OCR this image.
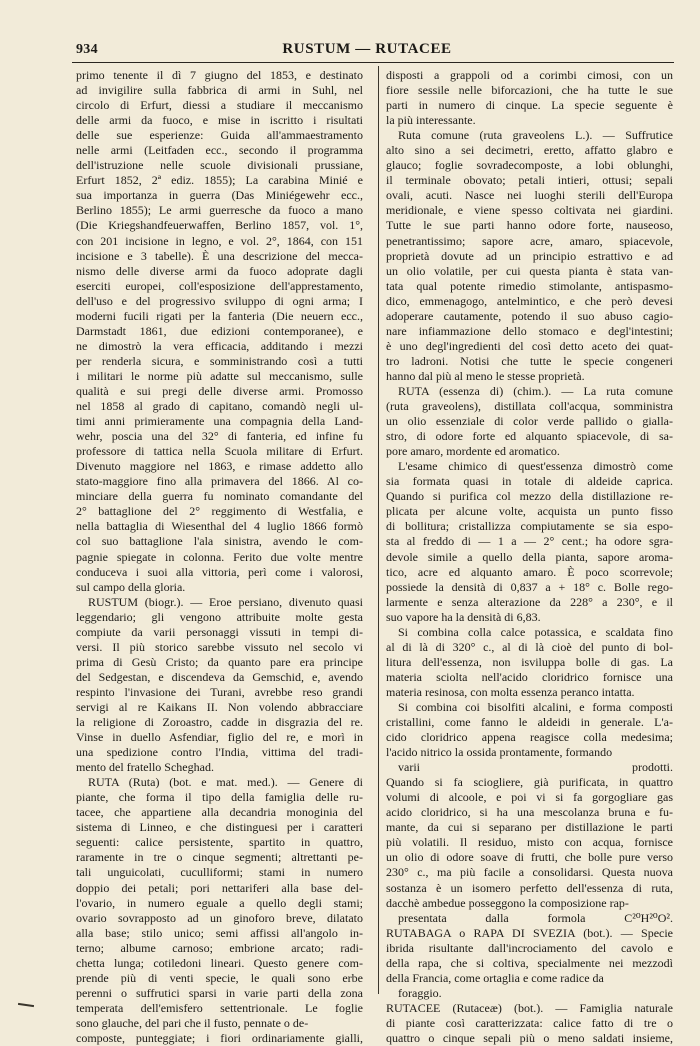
934	RUSTUM — RUTACEE
primo tenente il dì 7 giugno del 1853, e destinato
ad invigilire sulla fabbrica di armi in Suhl, nel
circolo di Erfurt, diessi a studiare il meccanismo
delle armi da fuoco, e mise in iscritto i risultati
delle sue esperienze: Guida all'ammaestramento
nelle armi (Leitfaden ecc., secondo il programma
dell'istruzione nelle scuole divisionali prussiane,
Erfurt 1852, 2ª ediz. 1855); La carabina Minié e
sua importanza in guerra (Das Miniégewehr ecc.,
Berlino 1855); Le armi guerresche da fuoco a mano
(Die Kriegshandfeuerwaffen, Berlino 1857, vol. 1°,
con 201 incisione in legno, e vol. 2°, 1864, con 151
incisione e 3 tabelle). È una descrizione del mecca-
nismo delle diverse armi da fuoco adoprate dagli
eserciti europei, coll'esposizione dell'apprestamento,
dell'uso e del progressivo sviluppo di ogni arma; I
moderni fucili rigati per la fanteria (Die neuern ecc.,
Darmstadt 1861, due edizioni contemporanee), e
ne dimostrò la vera efficacia, additando i mezzi
per renderla sicura, e somministrando così a tutti
i militari le norme più adatte sul meccanismo, sulle
qualità e sui pregi delle diverse armi. Promosso
nel 1858 al grado di capitano, comandò negli ul-
timi anni primieramente una compagnia della Land-
wehr, poscia una del 32° di fanteria, ed infine fu
professore di tattica nella Scuola militare di Erfurt.
Divenuto maggiore nel 1863, e rimase addetto allo
stato-maggiore fino alla primavera del 1866. Al co-
minciare della guerra fu nominato comandante del
2° battaglione del 2° reggimento di Westfalia, e
nella battaglia di Wiesenthal del 4 luglio 1866 formò
col suo battaglione l'ala sinistra, avendo le com-
pagnie spiegate in colonna. Ferito due volte mentre
conduceva i suoi alla vittoria, perì come i valorosi,
sul campo della gloria.
RUSTUM (biogr.). — Eroe persiano, divenuto quasi
leggendario; gli vengono attribuite molte gesta
compiute da varii personaggi vissuti in tempi di-
versi. Il più storico sarebbe vissuto nel secolo vi
prima di Gesù Cristo; da quanto pare era principe
del Sedgestan, e discendeva da Gemschid, e, avendo
respinto l'invasione dei Turani, avrebbe reso grandi
servigi al re Kaikans II. Non volendo abbracciare
la religione di Zoroastro, cadde in disgrazia del re.
Vinse in duello Asfendiar, figlio del re, e morì in
una spedizione contro l'India, vittima del tradi-
mento del fratello Scheghad.
RUTA (Ruta) (bot. e mat. med.). — Genere di
piante, che forma il tipo della famiglia delle ru-
tacee, che appartiene alla decandria monoginia del
sistema di Linneo, e che distinguesi per i caratteri
seguenti: calice persistente, spartito in quattro,
raramente in tre o cinque segmenti; altrettanti pe-
tali unguicolati, cuculliformi; stami in numero
doppio dei petali; pori nettariferi alla base del-
l'ovario, in numero eguale a quello degli stami;
ovario sovrapposto ad un ginoforo breve, dilatato
alla base; stilo unico; semi affissi all'angolo in-
terno; albume carnoso; embrione arcato; radi-
chetta lunga; cotiledoni lineari. Questo genere com-
prende più di venti specie, le quali sono erbe
perenni o suffrutici sparsi in varie parti della zona
temperata dell'emisfero settentrionale. Le foglie
sono glauche, del pari che il fusto, pennate o de-
composte, punteggiate; i fiori ordinariamente gialli,
disposti a grappoli od a corimbi cimosi, con un
fiore sessile nelle biforcazioni, che ha tutte le sue
parti in numero di cinque. La specie seguente è
la più interessante.
Ruta comune (ruta graveolens L.). — Suffrutice
alto sino a sei decimetri, eretto, affatto glabro e
glauco; foglie sovradecomposte, a lobi oblunghi,
il terminale obovato; petali intieri, ottusi; sepali
ovali, acuti. Nasce nei luoghi sterili dell'Europa
meridionale, e viene spesso coltivata nei giardini.
Tutte le sue parti hanno odore forte, nauseoso,
penetrantissimo; sapore acre, amaro, spiacevole,
proprietà dovute ad un principio estrattivo e ad
un olio volatile, per cui questa pianta è stata van-
tata qual potente rimedio stimolante, antispasmo-
dico, emmenagogo, antelmintico, e che però devesi
adoperare cautamente, potendo il suo abuso cagio-
nare infiammazione dello stomaco e degl'intestini;
è uno degl'ingredienti del così detto aceto dei quat-
tro ladroni. Notisi che tutte le specie congeneri
hanno dal più al meno le stesse proprietà.
RUTA (essenza di) (chim.). — La ruta comune
(ruta graveolens), distillata coll'acqua, somministra
un olio essenziale di color verde pallido o gialla-
stro, di odore forte ed alquanto spiacevole, di sa-
pore amaro, mordente ed aromatico.
L'esame chimico di quest'essenza dimostrò come
sia formata quasi in totale di aldeide caprica.
Quando si purifica col mezzo della distillazione re-
plicata per alcune volte, acquista un punto fisso
di bollitura; cristallizza compiutamente se sia espo-
sta al freddo di — 1 a — 2° cent.; ha odore sgra-
devole simile a quello della pianta, sapore aroma-
tico, acre ed alquanto amaro. È poco scorrevole;
possiede la densità di 0,837 a + 18° c. Bolle rego-
larmente e senza alterazione da 228° a 230°, e il
suo vapore ha la densità di 6,83.
Si combina colla calce potassica, e scaldata fino
al di là di 320° c., al di là cioè del punto di bol-
litura dell'essenza, non isviluppa bolle di gas. La
materia sciolta nell'acido cloridrico fornisce una
materia resinosa, con molta essenza peranco intatta.
Si combina coi bisolfiti alcalini, e forma composti
cristallini, come fanno le aldeidi in generale. L'a-
cido cloridrico appena reagisce colla medesima;
l'acido nitrico la ossida prontamente, formando
varii prodotti.
Quando si fa sciogliere, già purificata, in quattro
volumi di alcoole, e poi vi si fa gorgogliare gas
acido cloridrico, si ha una mescolanza bruna e fu-
mante, da cui si separano per distillazione le parti
più volatili. Il residuo, misto con acqua, fornisce
un olio di odore soave di frutti, che bolle pure verso
230° c., ma più facile a consolidarsi. Questa nuova
sostanza è un isomero perfetto dell'essenza di ruta,
dacchè ambedue posseggono la composizione rap-
presentata dalla formola C²⁰H²⁰O².
RUTABAGA o RAPA DI SVEZIA (bot.). — Specie
ibrida risultante dall'incrociamento del cavolo e
della rapa, che si coltiva, specialmente nei mezzodì
della Francia, come ortaglia e come radice da
foraggio.
RUTACEE (Rutaceæ) (bot.). — Famiglia naturale
di piante così caratterizzata: calice fatto di tre o
quattro o cinque sepali più o meno saldati insieme,
